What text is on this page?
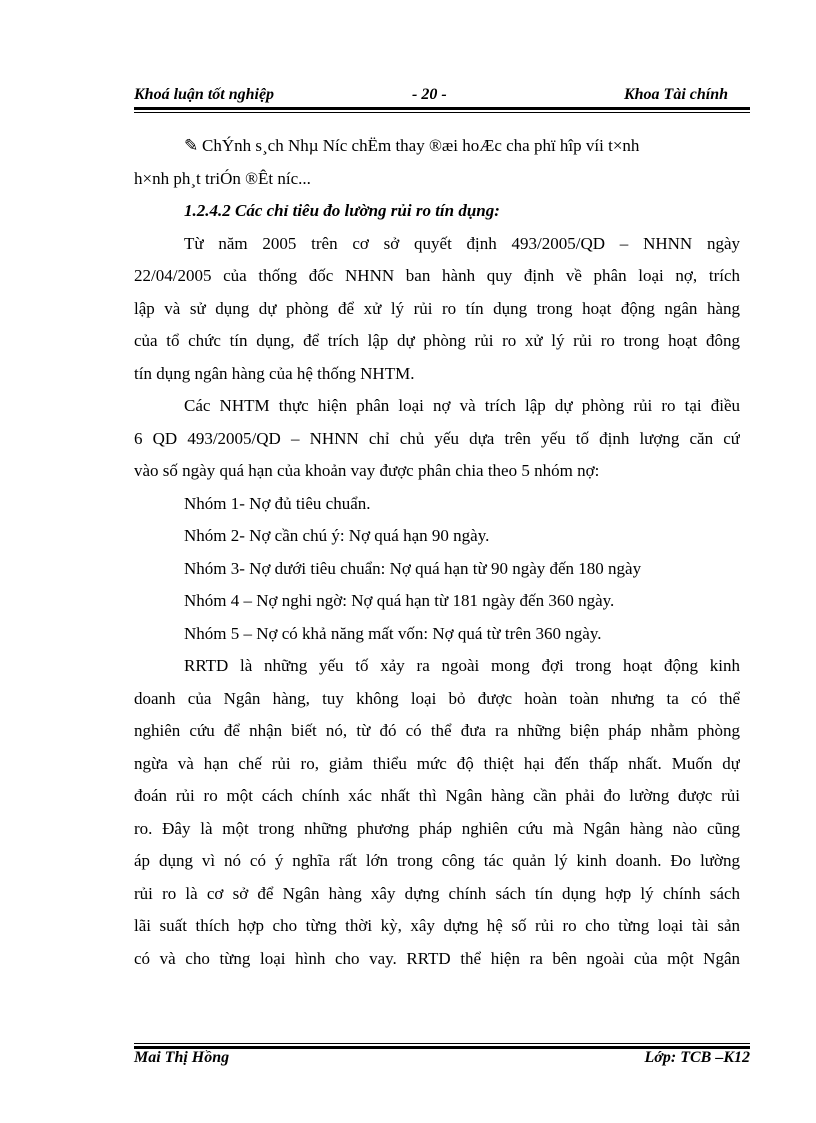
Khoá luận tốt nghiệp	- 20 -	Khoa Tài chính
✎ ChÝnh s¸ch Nhµ Níc chËm thay ®æi hoÆc cha phï hîp víi t×nh
h×nh ph¸t triÓn ®Êt níc...
1.2.4.2 Các chỉ tiêu đo lường rủi ro tín dụng:
Từ năm 2005 trên cơ sở quyết định 493/2005/QD – NHNN ngày
22/04/2005 của thống đốc NHNN ban hành quy định về phân loại nợ, trích
lập và sử dụng dự phòng để xử lý rủi ro tín dụng trong hoạt động ngân hàng
của tổ chức tín dụng, để trích lập dự phòng rủi ro xử lý rủi ro trong hoạt đông
tín dụng ngân hàng của hệ thống NHTM.
Các NHTM thực hiện phân loại nợ và trích lập dự phòng rủi ro tại điều
6 QD 493/2005/QD – NHNN chỉ chủ yếu dựa trên yếu tố định lượng căn cứ
vào số ngày quá hạn của khoản vay được phân chia theo 5 nhóm nợ:
Nhóm 1- Nợ đủ tiêu chuẩn.
Nhóm 2- Nợ cần chú ý: Nợ quá hạn 90 ngày.
Nhóm 3- Nợ dưới tiêu chuẩn: Nợ quá hạn từ 90 ngày đến 180 ngày
Nhóm 4 – Nợ nghi ngờ: Nợ quá hạn từ 181 ngày đến 360 ngày.
Nhóm 5 – Nợ có khả năng mất vốn: Nợ quá từ trên 360 ngày.
RRTD là những yếu tố xảy ra ngoài mong đợi trong hoạt động kinh
doanh của Ngân hàng, tuy không loại bỏ được hoàn toàn nhưng ta có thể
nghiên cứu để nhận biết nó, từ đó có thể đưa ra những biện pháp nhằm phòng
ngừa và hạn chế rủi ro, giảm thiểu mức độ thiệt hại đến thấp nhất. Muốn dự
đoán rủi ro một cách chính xác nhất thì Ngân hàng cần phải đo lường được rủi
ro. Đây là một trong những phương pháp nghiên cứu mà Ngân hàng nào cũng
áp dụng vì nó có ý nghĩa rất lớn trong công tác quản lý kinh doanh. Đo lường
rủi ro là cơ sở để Ngân hàng xây dựng chính sách tín dụng hợp lý chính sách
lãi suất thích hợp cho từng thời kỳ, xây dựng hệ số rủi ro cho từng loại tài sản
có và cho từng loại hình cho vay. RRTD thể hiện ra bên ngoài của một Ngân
Mai Thị Hồng	Lớp: TCB –K12
